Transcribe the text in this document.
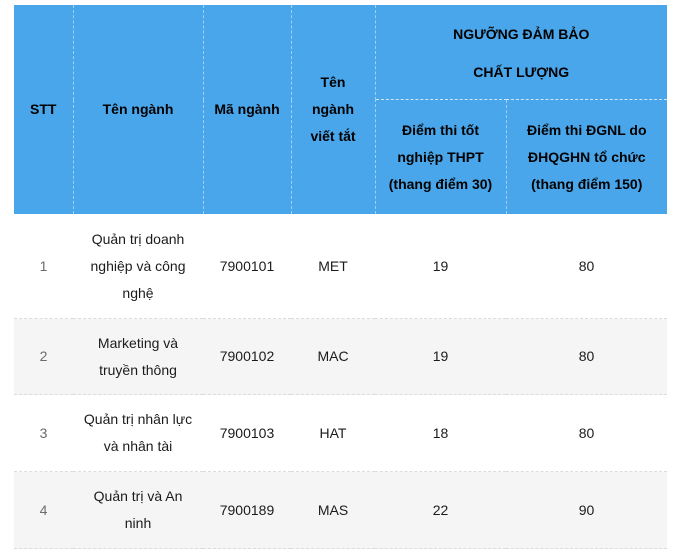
STT	Tên ngành	Mã ngành	Tên ngành viết tắt	NGƯỠNG ĐẢM BẢO
CHẤT LƯỢNG	

				Điểm thi tốt nghiệp THPT (thang điểm 30)	Điểm thi ĐGNL do ĐHQGHN tổ chức (thang điểm 150)
1	Quản trị doanh nghiệp và công nghệ	7900101	MET	19	80
2	Marketing và truyền thông	7900102	MAC	19	80
3	Quản trị nhân lực và nhân tài	7900103	HAT	18	80
4	Quản trị và An ninh	7900189	MAS	22	90
